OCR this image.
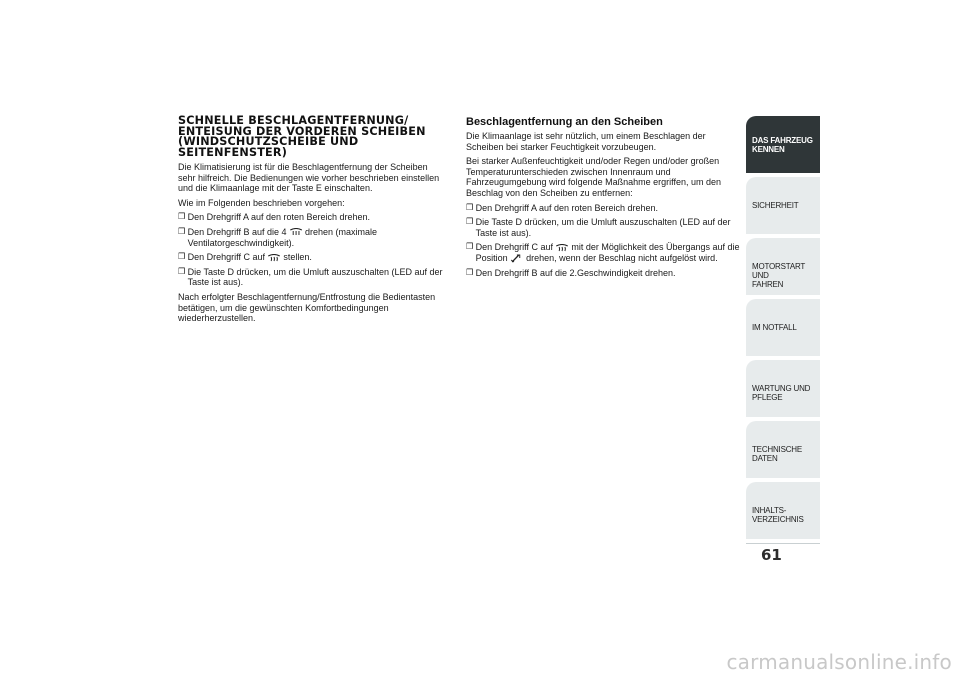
SCHNELLE BESCHLAGENTFERNUNG/ ENTEISUNG DER VORDEREN SCHEIBEN (WINDSCHUTZSCHEIBE UND SEITENFENSTER)

Die Klimatisierung ist für die Beschlagentfernung der Scheiben sehr hilfreich. Die Bedienungen wie vorher beschrieben einstellen und die Klimaanlage mit der Taste E einschalten.

Wie im Folgenden beschrieben vorgehen:

❒ Den Drehgriff A auf den roten Bereich drehen.
❒ Den Drehgriff B auf die 4 drehen (maximale Ventilatorgeschwindigkeit).
❒ Den Drehgriff C auf stellen.
❒ Die Taste D drücken, um die Umluft auszuschalten (LED auf der Taste ist aus).

Nach erfolgter Beschlagentfernung/Entfrostung die Bedientasten betätigen, um die gewünschten Komfortbedingungen wiederherzustellen.

Beschlagentfernung an den Scheiben

Die Klimaanlage ist sehr nützlich, um einem Beschlagen der Scheiben bei starker Feuchtigkeit vorzubeugen.

Bei starker Außenfeuchtigkeit und/oder Regen und/oder großen Temperaturunterschieden zwischen Innenraum und Fahrzeugumgebung wird folgende Maßnahme ergriffen, um den Beschlag von den Scheiben zu entfernen:

❒ Den Drehgriff A auf den roten Bereich drehen.
❒ Die Taste D drücken, um die Umluft auszuschalten (LED auf der Taste ist aus).
❒ Den Drehgriff C auf mit der Möglichkeit des Übergangs auf die Position drehen, wenn der Beschlag nicht aufgelöst wird.
❒ Den Drehgriff B auf die 2.Geschwindigkeit drehen.
DAS FAHRZEUG
KENNEN
SICHERHEIT
MOTORSTART UND
FAHREN
IM NOTFALL
WARTUNG UND
PFLEGE
TECHNISCHE DATEN
INHALTS-
VERZEICHNIS
61
carmanualsonline.info
